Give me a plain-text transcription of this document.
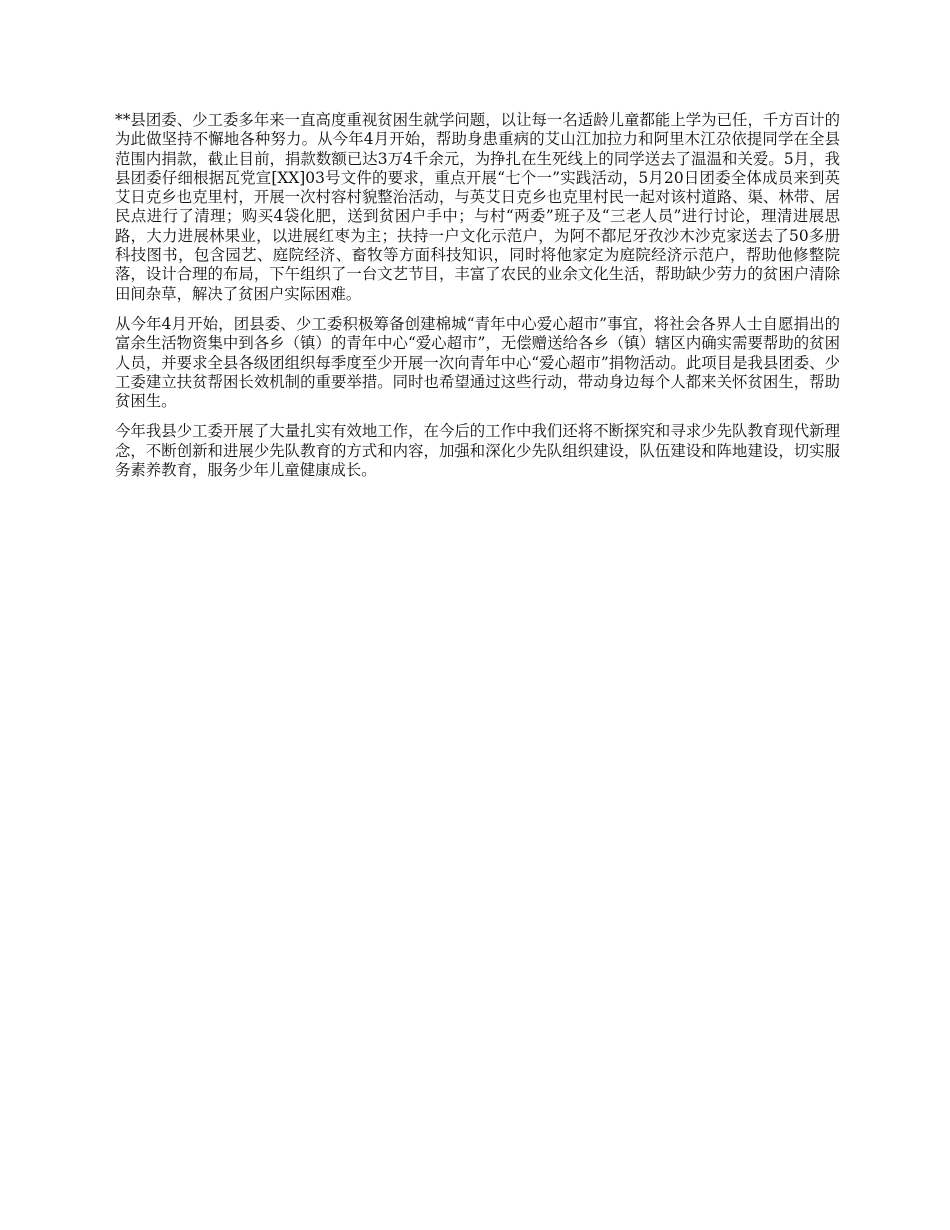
**县团委、少工委多年来一直高度重视贫困生就学问题，以让每一名适龄儿童都能上学为已任，千方百计的为此做坚持不懈地各种努力。从今年4月开始，帮助身患重病的艾山江加拉力和阿里木江尕依提同学在全县范围内捐款，截止目前，捐款数额已达3万4千余元，为挣扎在生死线上的同学送去了温温和关爱。5月，我县团委仔细根据瓦党宣[XX]03号文件的要求，重点开展“七个一”实践活动，5月20日团委全体成员来到英艾日克乡也克里村，开展一次村容村貌整治活动，与英艾日克乡也克里村民一起对该村道路、渠、林带、居民点进行了清理；购买4袋化肥，送到贫困户手中；与村“两委”班子及“三老人员”进行讨论，理清进展思路，大力进展林果业，以进展红枣为主；扶持一户文化示范户，为阿不都尼牙孜沙木沙克家送去了50多册科技图书，包含园艺、庭院经济、畜牧等方面科技知识，同时将他家定为庭院经济示范户，帮助他修整院落，设计合理的布局，下午组织了一台文艺节目，丰富了农民的业余文化生活，帮助缺少劳力的贫困户清除田间杂草，解决了贫困户实际困难。

从今年4月开始，团县委、少工委积极筹备创建棉城“青年中心爱心超市”事宜，将社会各界人士自愿捐出的富余生活物资集中到各乡（镇）的青年中心“爱心超市”，无偿赠送给各乡（镇）辖区内确实需要帮助的贫困人员，并要求全县各级团组织每季度至少开展一次向青年中心“爱心超市”捐物活动。此项目是我县团委、少工委建立扶贫帮困长效机制的重要举措。同时也希望通过这些行动，带动身边每个人都来关怀贫困生，帮助贫困生。

今年我县少工委开展了大量扎实有效地工作，在今后的工作中我们还将不断探究和寻求少先队教育现代新理念，不断创新和进展少先队教育的方式和内容，加强和深化少先队组织建设，队伍建设和阵地建设，切实服务素养教育，服务少年儿童健康成长。
